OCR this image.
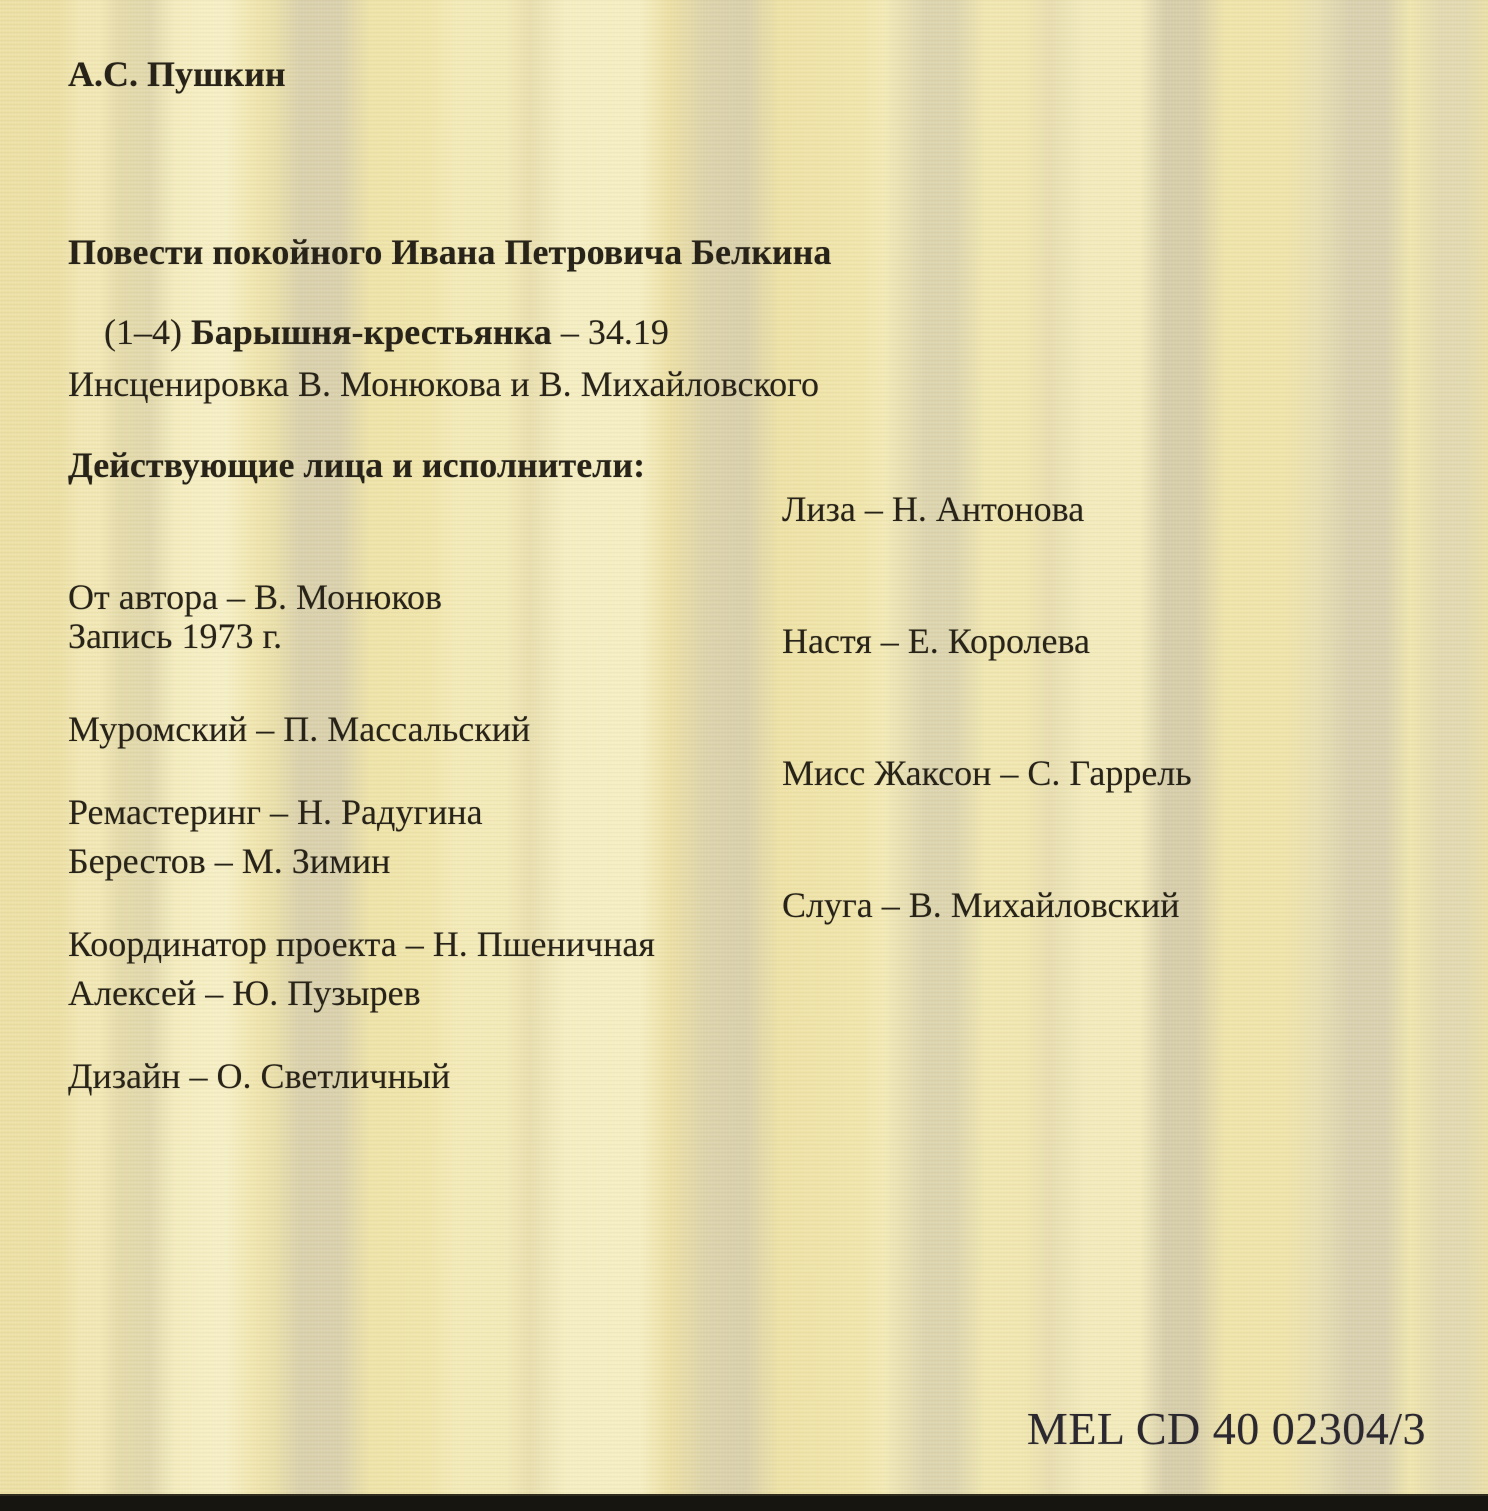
А.С. Пушкин

Повести покойного Ивана Петровича Белкина

Инсценировка В. Монюкова и В. Михайловского

(1–4) Барышня-крестьянка – 34.19

Действующие лица и исполнители:

От автора – В. Монюков

Муромский – П. Массальский

Берестов – М. Зимин

Алексей – Ю. Пузырев

Лиза – Н. Антонова

Настя – Е. Королева

Мисс Жаксон – С. Гаррель

Слуга – В. Михайловский

Запись 1973 г.

Ремастеринг – Н. Радугина

Координатор проекта – Н. Пшеничная

Дизайн – О. Светличный

MEL CD 40 02304/3
